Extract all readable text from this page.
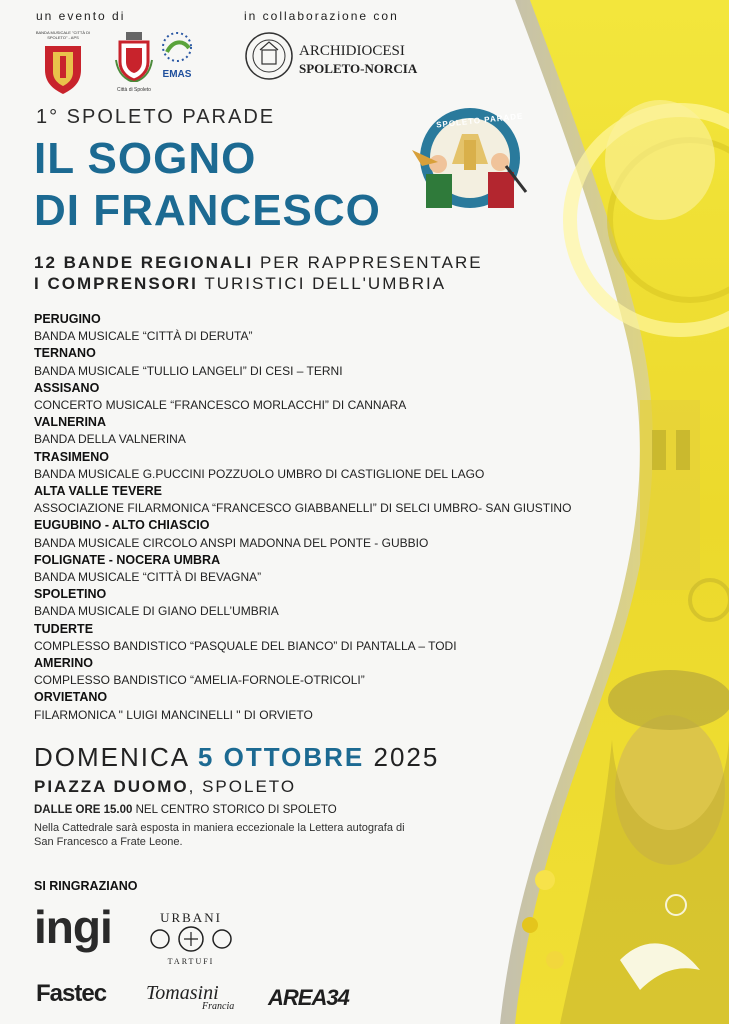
un evento di	in collaborazione con
BANDA MUSICALE "CITTÀ DI SPOLETO" - APS
Città di Spoleto
EMAS
ARCHIDIOCESI
SPOLETO-NORCIA
1° SPOLETO PARADE
IL SOGNO
DI FRANCESCO
SPOLETO PARADE
12 BANDE REGIONALI PER RAPPRESENTARE
I COMPRENSORI TURISTICI DELL'UMBRIA
PERUGINO
BANDA MUSICALE “CITTÀ DI DERUTA”
TERNANO
BANDA MUSICALE “TULLIO LANGELI” DI CESI – TERNI
ASSISANO
CONCERTO MUSICALE “FRANCESCO MORLACCHI” DI CANNARA
VALNERINA
BANDA DELLA VALNERINA
TRASIMENO
BANDA MUSICALE G.PUCCINI POZZUOLO UMBRO DI CASTIGLIONE DEL LAGO
ALTA VALLE TEVERE
ASSOCIAZIONE FILARMONICA “FRANCESCO GIABBANELLI” DI SELCI UMBRO- SAN GIUSTINO
EUGUBINO - ALTO CHIASCIO
BANDA MUSICALE CIRCOLO ANSPI MADONNA DEL PONTE - GUBBIO
FOLIGNATE - NOCERA UMBRA
BANDA MUSICALE “CITTÀ DI BEVAGNA”
SPOLETINO
BANDA MUSICALE DI GIANO DELL’UMBRIA
TUDERTE
COMPLESSO BANDISTICO “PASQUALE DEL BIANCO” DI PANTALLA – TODI
AMERINO
COMPLESSO BANDISTICO “AMELIA-FORNOLE-OTRICOLI”
ORVIETANO
FILARMONICA " LUIGI MANCINELLI " DI ORVIETO
DOMENICA 5 OTTOBRE 2025
PIAZZA DUOMO, SPOLETO
DALLE ORE 15.00 NEL CENTRO STORICO DI SPOLETO
Nella Cattedrale sarà esposta in maniera eccezionale la Lettera autografa di
San Francesco a Frate Leone.
SI RINGRAZIANO
ingi	URBANI
TARTUFI
Fastec Tomasini
Francia AREA34
